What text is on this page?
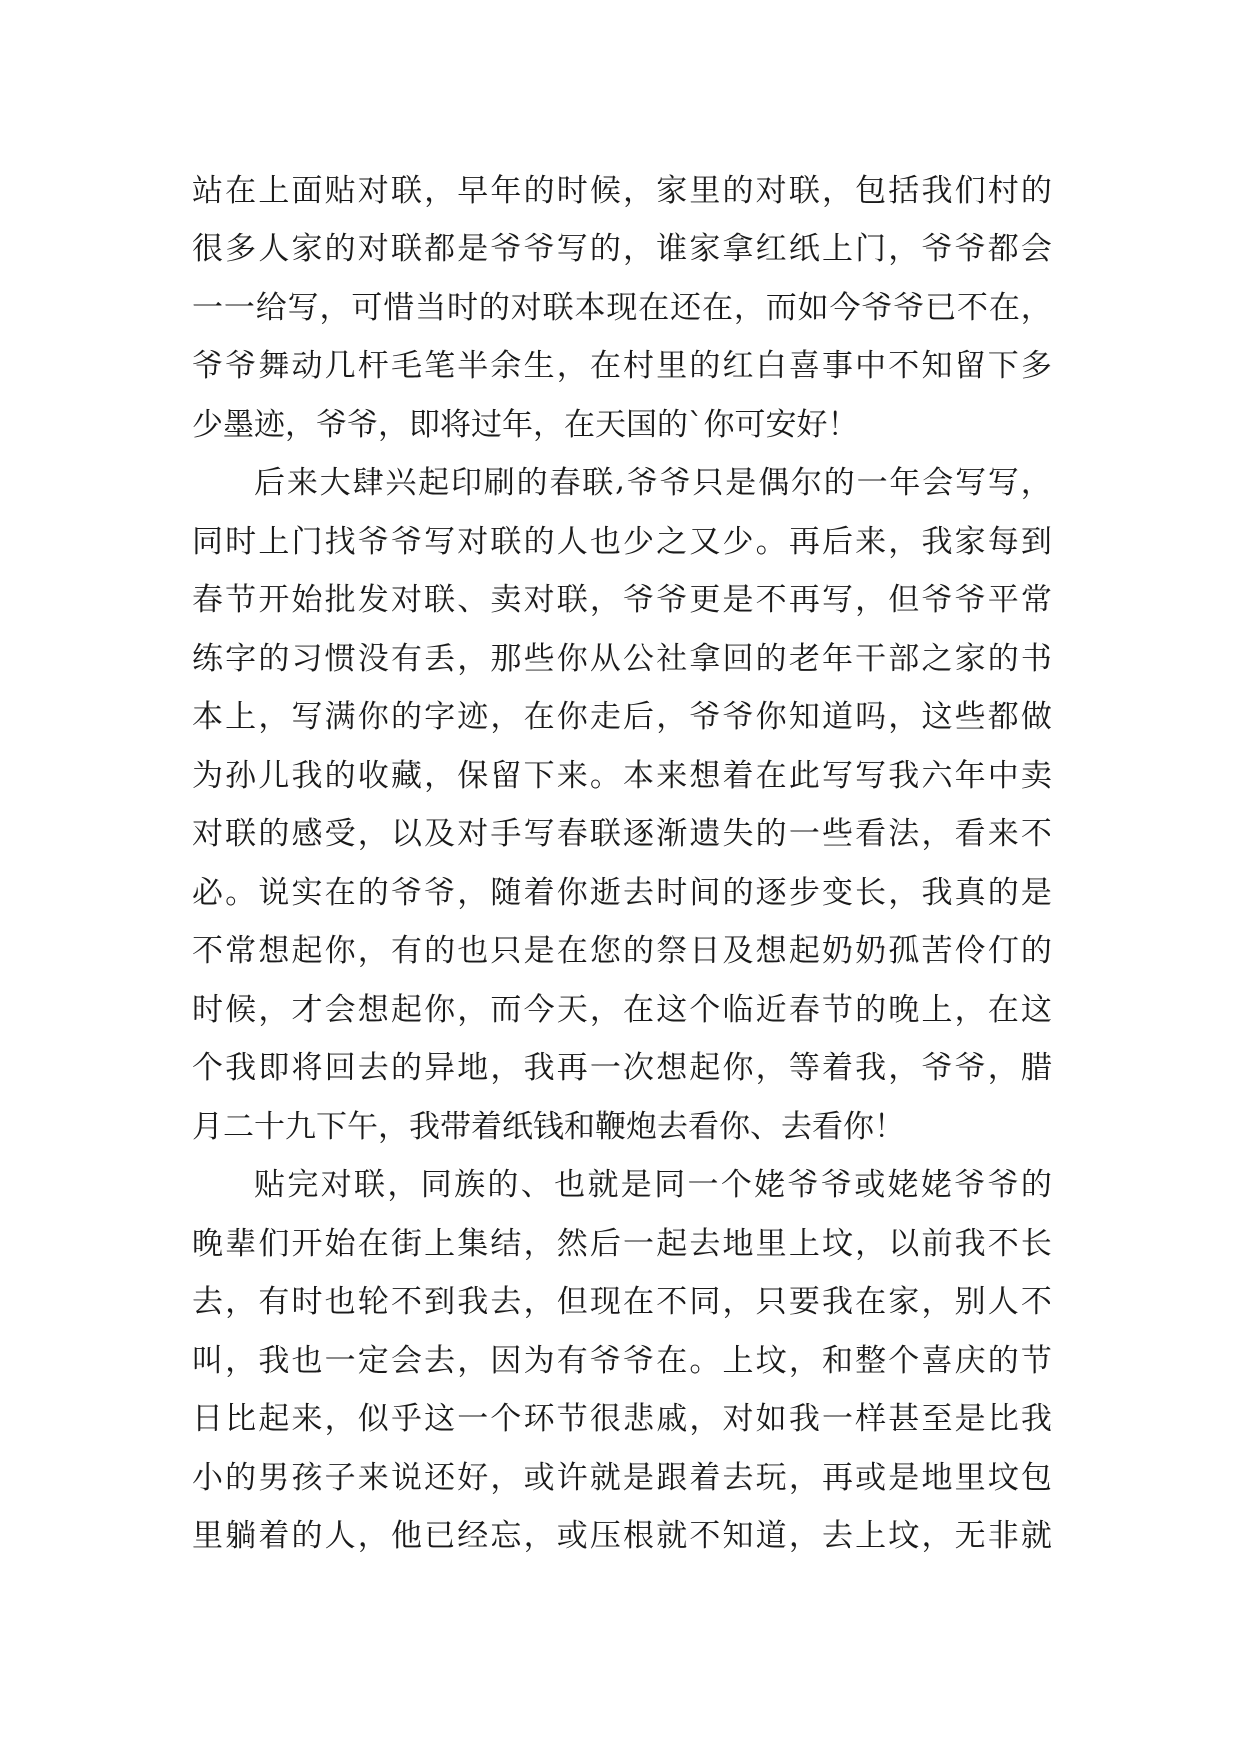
站 在 上 面 贴 对 联 ， 早 年 的 时 候 ， 家 里 的 对 联 ， 包 括 我 们 村 的
很 多 人 家 的 对 联 都 是 爷 爷 写 的 ， 谁 家 拿 红 纸 上 门 ， 爷 爷 都 会
一 一 给 写 ， 可 惜 当 时 的 对 联 本 现 在 还 在 ， 而 如 今 爷 爷 已 不 在 ，
爷 爷 舞 动 几 杆 毛 笔 半 余 生 ， 在 村 里 的 红 白 喜 事 中 不 知 留 下 多
少墨迹，爷爷，即将过年，在天国的`你可安好！
后 来 大 肆 兴 起 印 刷 的 春 联 , 爷 爷 只 是 偶 尔 的 一 年 会 写 写 ，
同 时 上 门 找 爷 爷 写 对 联 的 人 也 少 之 又 少 。 再 后 来 ， 我 家 每 到
春 节 开 始 批 发 对 联 、 卖 对 联 ， 爷 爷 更 是 不 再 写 ， 但 爷 爷 平 常
练 字 的 习 惯 没 有 丢 ， 那 些 你 从 公 社 拿 回 的 老 年 干 部 之 家 的 书
本 上 ， 写 满 你 的 字 迹 ， 在 你 走 后 ， 爷 爷 你 知 道 吗 ， 这 些 都 做
为 孙 儿 我 的 收 藏 ， 保 留 下 来 。 本 来 想 着 在 此 写 写 我 六 年 中 卖
对 联 的 感 受 ， 以 及 对 手 写 春 联 逐 渐 遗 失 的 一 些 看 法 ， 看 来 不
必 。 说 实 在 的 爷 爷 ， 随 着 你 逝 去 时 间 的 逐 步 变 长 ， 我 真 的 是
不 常 想 起 你 ， 有 的 也 只 是 在 您 的 祭 日 及 想 起 奶 奶 孤 苦 伶 仃 的
时 候 ， 才 会 想 起 你 ， 而 今 天 ， 在 这 个 临 近 春 节 的 晚 上 ， 在 这
个 我 即 将 回 去 的 异 地 ， 我 再 一 次 想 起 你 ， 等 着 我 ， 爷 爷 ， 腊
月二十九下午，我带着纸钱和鞭炮去看你、去看你！
贴 完 对 联 ， 同 族 的 、 也 就 是 同 一 个 姥 爷 爷 或 姥 姥 爷 爷 的
晚 辈 们 开 始 在 街 上 集 结 ， 然 后 一 起 去 地 里 上 坟 ， 以 前 我 不 长
去 ， 有 时 也 轮 不 到 我 去 ， 但 现 在 不 同 ， 只 要 我 在 家 ， 别 人 不
叫 ， 我 也 一 定 会 去 ， 因 为 有 爷 爷 在 。 上 坟 ， 和 整 个 喜 庆 的 节
日 比 起 来 ， 似 乎 这 一 个 环 节 很 悲 戚 ， 对 如 我 一 样 甚 至 是 比 我
小 的 男 孩 子 来 说 还 好 ， 或 许 就 是 跟 着 去 玩 ， 再 或 是 地 里 坟 包
里 躺 着 的 人 ， 他 已 经 忘 ， 或 压 根 就 不 知 道 ， 去 上 坟 ， 无 非 就
